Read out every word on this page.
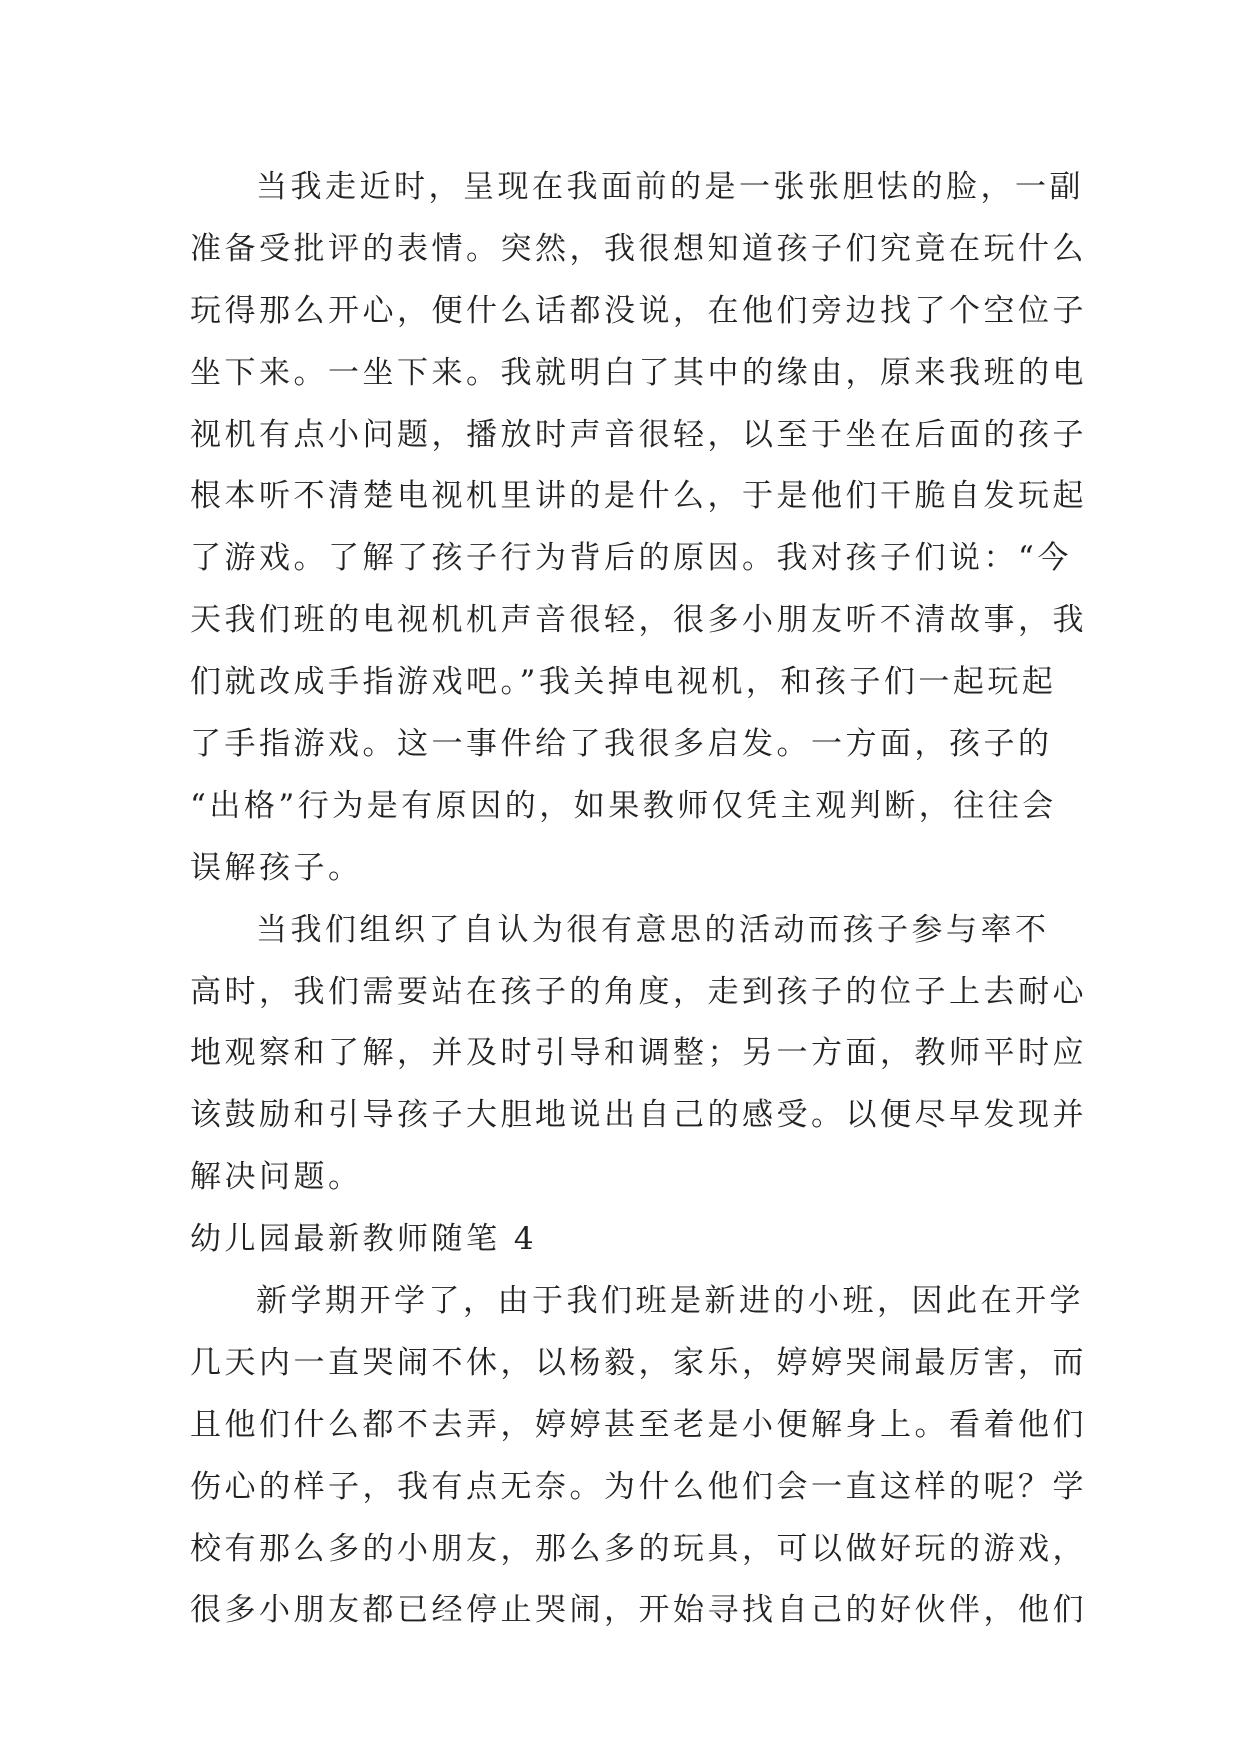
当我走近时，呈现在我面前的是一张张胆怯的脸，一副
准备受批评的表情。突然，我很想知道孩子们究竟在玩什么
玩得那么开心，便什么话都没说，在他们旁边找了个空位子
坐下来。一坐下来。我就明白了其中的缘由，原来我班的电
视机有点小问题，播放时声音很轻，以至于坐在后面的孩子
根本听不清楚电视机里讲的是什么，于是他们干脆自发玩起
了游戏。了解了孩子行为背后的原因。我对孩子们说：“今
天我们班的电视机机声音很轻，很多小朋友听不清故事，我
们就改成手指游戏吧。”我关掉电视机，和孩子们一起玩起
了手指游戏。这一事件给了我很多启发。一方面，孩子的
“出格”行为是有原因的，如果教师仅凭主观判断，往往会
误解孩子。
当我们组织了自认为很有意思的活动而孩子参与率不
高时，我们需要站在孩子的角度，走到孩子的位子上去耐心
地观察和了解，并及时引导和调整；另一方面，教师平时应
该鼓励和引导孩子大胆地说出自己的感受。以便尽早发现并
解决问题。
幼儿园最新教师随笔 4
新学期开学了，由于我们班是新进的小班，因此在开学
几天内一直哭闹不休，以杨毅，家乐，婷婷哭闹最厉害，而
且他们什么都不去弄，婷婷甚至老是小便解身上。看着他们
伤心的样子，我有点无奈。为什么他们会一直这样的呢？学
校有那么多的小朋友，那么多的玩具，可以做好玩的游戏，
很多小朋友都已经停止哭闹，开始寻找自己的好伙伴，他们
